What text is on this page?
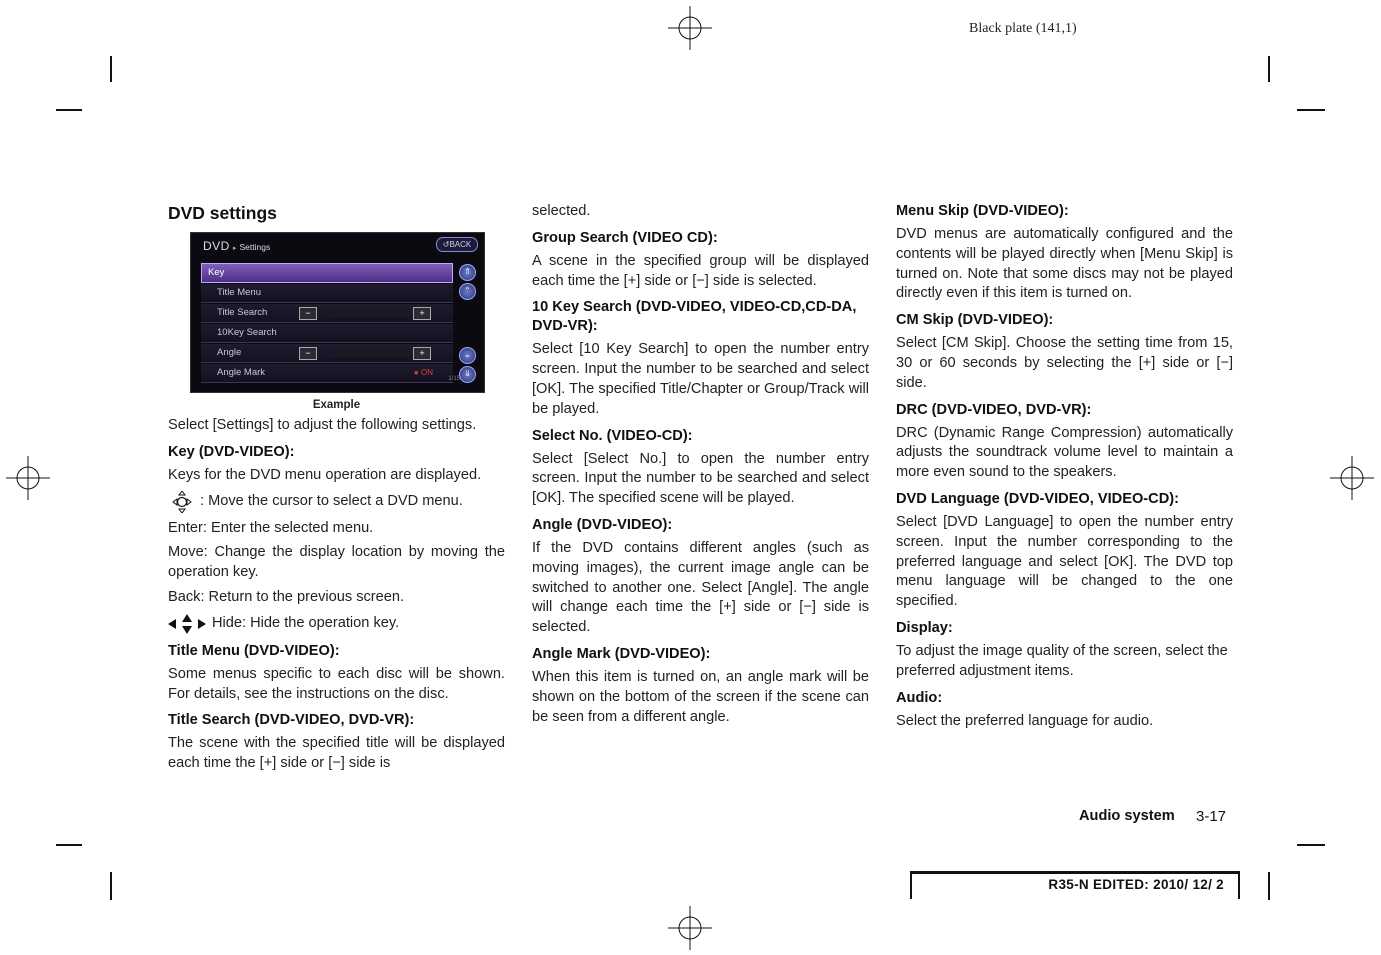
Black plate (141,1)
DVD settings
DVD ▸ Settings	↺BACK
Key
Title Menu
Title Search	−	+
10Key Search
Angle	−	+
Angle Mark	● ON
⇑
⌃
⌄
⇓
1/15
Example

Select [Settings] to adjust the following settings.

Key (DVD-VIDEO):

Keys for the DVD menu operation are displayed.

: Move the cursor to select a DVD menu.

Enter: Enter the selected menu.

Move: Change the display location by moving the operation key.

Back: Return to the previous screen.

Hide: Hide the operation key.

Title Menu (DVD-VIDEO):

Some menus specific to each disc will be shown. For details, see the instructions on the disc.

Title Search (DVD-VIDEO, DVD-VR):

The scene with the specified title will be displayed each time the [+] side or [−] side is

selected.

Group Search (VIDEO CD):

A scene in the specified group will be displayed each time the [+] side or [−] side is selected.

10 Key Search (DVD-VIDEO, VIDEO-CD,CD-DA, DVD-VR):

Select [10 Key Search] to open the number entry screen. Input the number to be searched and select [OK]. The specified Title/Chapter or Group/Track will be played.

Select No. (VIDEO-CD):

Select [Select No.] to open the number entry screen. Input the number to be searched and select [OK]. The specified scene will be played.

Angle (DVD-VIDEO):

If the DVD contains different angles (such as moving images), the current image angle can be switched to another one. Select [Angle]. The angle will change each time the [+] side or [−] side is selected.

Angle Mark (DVD-VIDEO):

When this item is turned on, an angle mark will be shown on the bottom of the screen if the scene can be seen from a different angle.

Menu Skip (DVD-VIDEO):

DVD menus are automatically configured and the contents will be played directly when [Menu Skip] is turned on. Note that some discs may not be played directly even if this item is turned on.

CM Skip (DVD-VIDEO):

Select [CM Skip]. Choose the setting time from 15, 30 or 60 seconds by selecting the [+] side or [−] side.

DRC (DVD-VIDEO, DVD-VR):

DRC (Dynamic Range Compression) automatically adjusts the soundtrack volume level to maintain a more even sound to the speakers.

DVD Language (DVD-VIDEO, VIDEO-CD):

Select [DVD Language] to open the number entry screen. Input the number corresponding to the preferred language and select [OK]. The DVD top menu language will be changed to the one specified.

Display:

To adjust the image quality of the screen, select the preferred adjustment items.

Audio:

Select the preferred language for audio.

Audio system 3-17
R35-N EDITED: 2010/ 12/ 2
